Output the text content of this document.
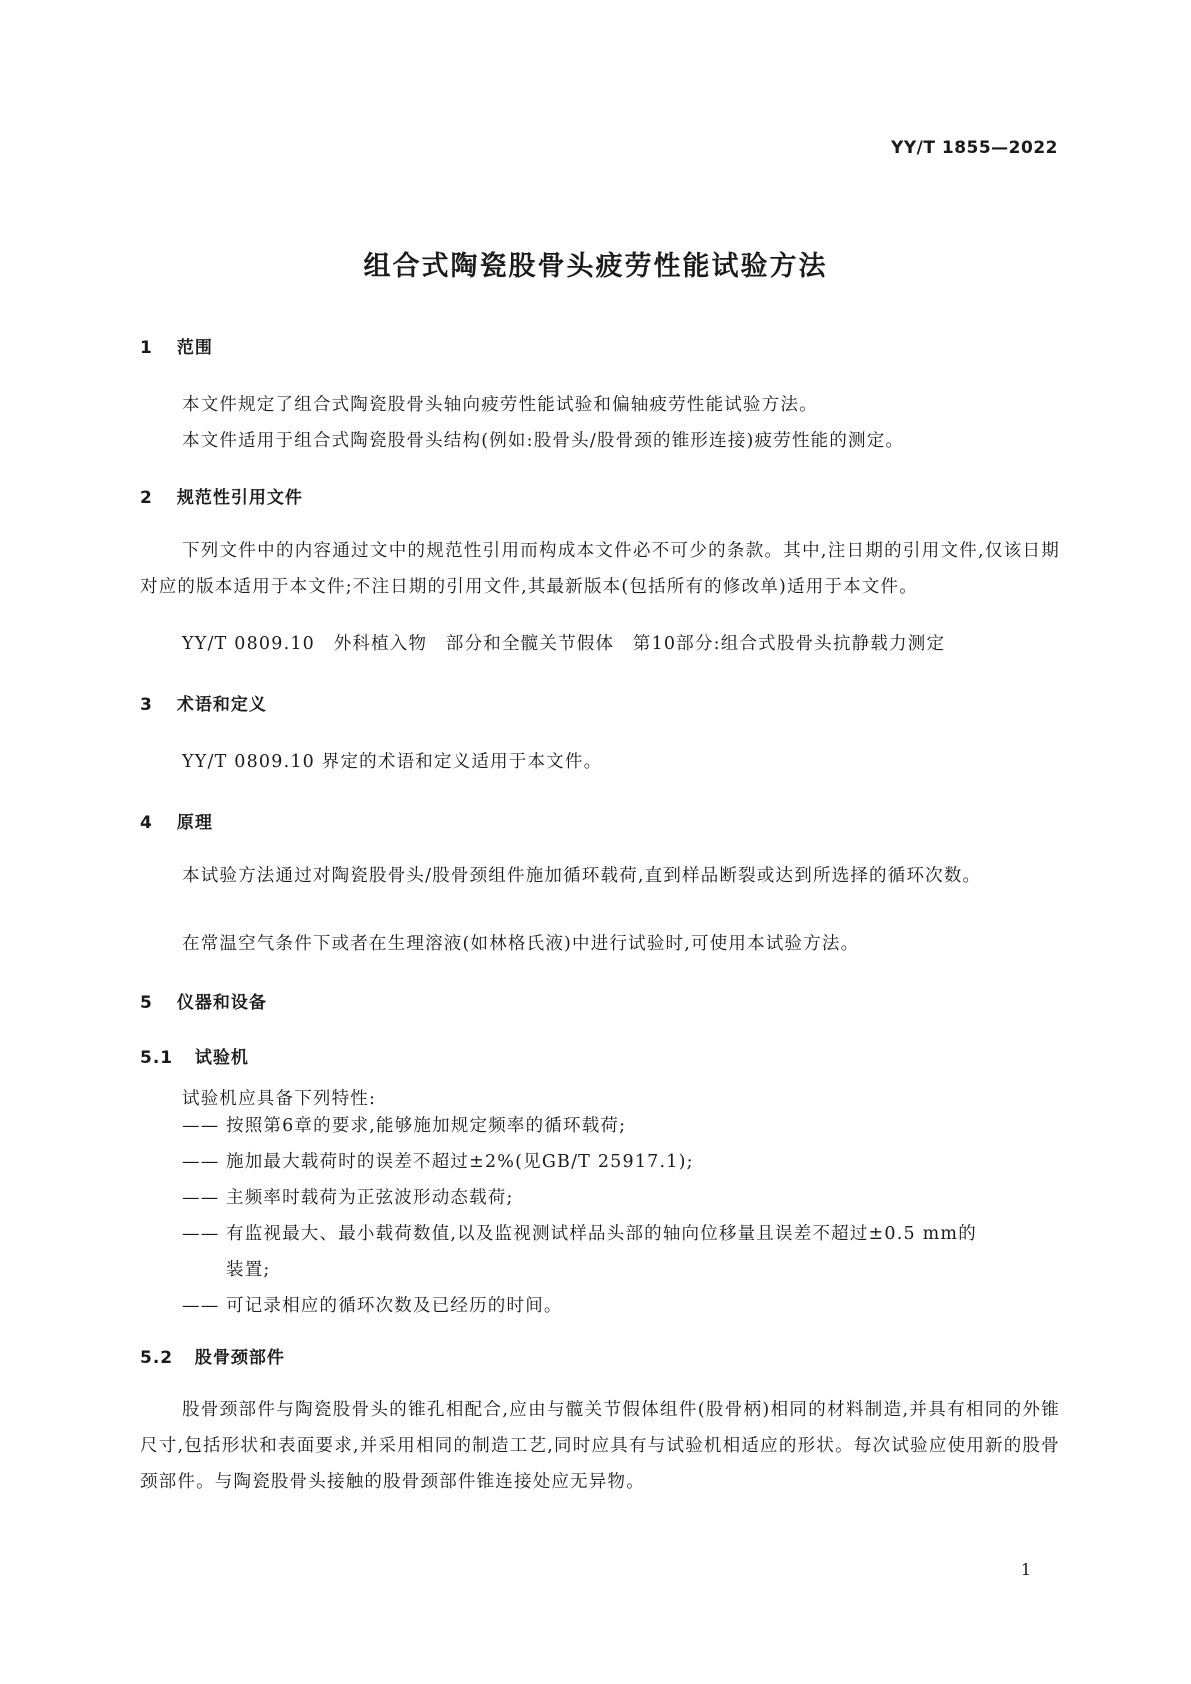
YY/T 1855—2022
组合式陶瓷股骨头疲劳性能试验方法
1 范围
本文件规定了组合式陶瓷股骨头轴向疲劳性能试验和偏轴疲劳性能试验方法。
本文件适用于组合式陶瓷股骨头结构(例如:股骨头/股骨颈的锥形连接)疲劳性能的测定。
2 规范性引用文件
下列文件中的内容通过文中的规范性引用而构成本文件必不可少的条款。其中,注日期的引用文件,仅该日期对应的版本适用于本文件;不注日期的引用文件,其最新版本(包括所有的修改单)适用于本文件。
YY/T 0809.10　外科植入物　部分和全髋关节假体　第10部分:组合式股骨头抗静载力测定
3 术语和定义
YY/T 0809.10 界定的术语和定义适用于本文件。
4 原理
本试验方法通过对陶瓷股骨头/股骨颈组件施加循环载荷,直到样品断裂或达到所选择的循环次数。
在常温空气条件下或者在生理溶液(如林格氏液)中进行试验时,可使用本试验方法。
5 仪器和设备
5.1 试验机
试验机应具备下列特性:
—— 按照第6章的要求,能够施加规定频率的循环载荷;
—— 施加最大载荷时的误差不超过±2%(见GB/T 25917.1);
—— 主频率时载荷为正弦波形动态载荷;
—— 有监视最大、最小载荷数值,以及监视测试样品头部的轴向位移量且误差不超过±0.5 mm的
装置;
—— 可记录相应的循环次数及已经历的时间。
5.2 股骨颈部件
股骨颈部件与陶瓷股骨头的锥孔相配合,应由与髋关节假体组件(股骨柄)相同的材料制造,并具有相同的外锥尺寸,包括形状和表面要求,并采用相同的制造工艺,同时应具有与试验机相适应的形状。每次试验应使用新的股骨颈部件。与陶瓷股骨头接触的股骨颈部件锥连接处应无异物。
1
